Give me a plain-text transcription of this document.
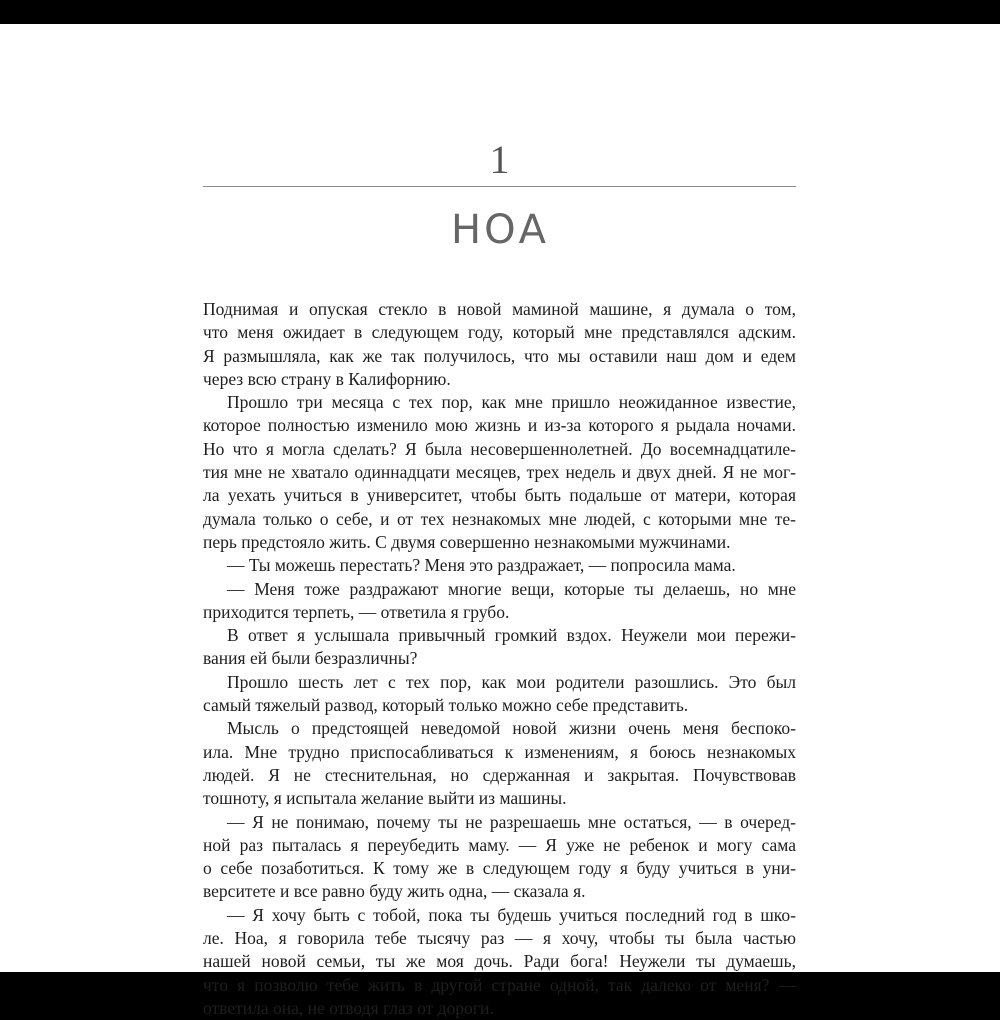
1
НОА
Поднимая и опуская стекло в новой маминой машине, я думала о том,
что меня ожидает в следующем году, который мне представлялся адским.
Я размышляла, как же так получилось, что мы оставили наш дом и едем
через всю страну в Калифорнию.
Прошло три месяца с тех пор, как мне пришло неожиданное известие,
которое полностью изменило мою жизнь и из-за которого я рыдала ночами.
Но что я могла сделать? Я была несовершеннолетней. До восемнадцатиле-
тия мне не хватало одиннадцати месяцев, трех недель и двух дней. Я не мог-
ла уехать учиться в университет, чтобы быть подальше от матери, которая
думала только о себе, и от тех незнакомых мне людей, с которыми мне те-
перь предстояло жить. С двумя совершенно незнакомыми мужчинами.
— Ты можешь перестать? Меня это раздражает, — попросила мама.
— Меня тоже раздражают многие вещи, которые ты делаешь, но мне
приходится терпеть, — ответила я грубо.
В ответ я услышала привычный громкий вздох. Неужели мои пережи-
вания ей были безразличны?
Прошло шесть лет с тех пор, как мои родители разошлись. Это был
самый тяжелый развод, который только можно себе представить.
Мысль о предстоящей неведомой новой жизни очень меня беспоко-
ила. Мне трудно приспосабливаться к изменениям, я боюсь незнакомых
людей. Я не стеснительная, но сдержанная и закрытая. Почувствовав
тошноту, я испытала желание выйти из машины.
— Я не понимаю, почему ты не разрешаешь мне остаться, — в очеред-
ной раз пыталась я переубедить маму. — Я уже не ребенок и могу сама
о себе позаботиться. К тому же в следующем году я буду учиться в уни-
верситете и все равно буду жить одна, — сказала я.
— Я хочу быть с тобой, пока ты будешь учиться последний год в шко-
ле. Ноа, я говорила тебе тысячу раз — я хочу, чтобы ты была частью
нашей новой семьи, ты же моя дочь. Ради бога! Неужели ты думаешь,
что я позволю тебе жить в другой стране одной, так далеко от меня? —
ответила она, не отводя глаз от дороги.
